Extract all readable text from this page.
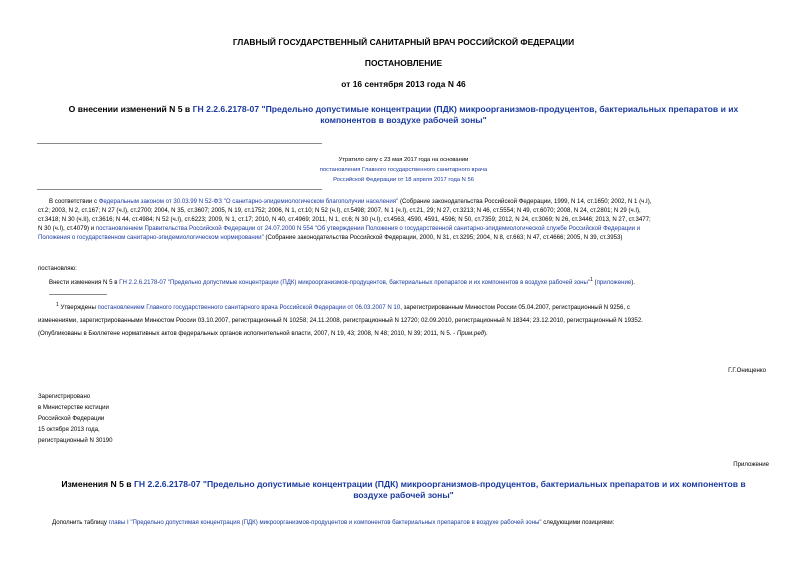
ГЛАВНЫЙ ГОСУДАРСТВЕННЫЙ САНИТАРНЫЙ ВРАЧ РОССИЙСКОЙ ФЕДЕРАЦИИ
ПОСТАНОВЛЕНИЕ
от 16 сентября 2013 года N 46
О внесении изменений N 5 в ГН 2.2.6.2178-07 "Предельно допустимые концентрации (ПДК) микроорганизмов-продуцентов, бактериальных препаратов и их
компонентов в воздухе рабочей зоны"
Утратило силу с 23 мая 2017 года на основании
постановления Главного государственного санитарного врача
Российской Федерации от 18 апреля 2017 года N 56
В соответствии с Федеральным законом от 30.03.99 N 52-ФЗ "О санитарно-эпидемиологическом благополучии населения" (Собрание законодательства Российской Федерации, 1999, N 14, ст.1650; 2002, N 1 (ч.I),
ст.2; 2003, N 2, ст.167; N 27 (ч.I), ст.2700; 2004, N 35, ст.3607; 2005, N 19, ст.1752; 2006, N 1, ст.10; N 52 (ч.I), ст.5498; 2007, N 1 (ч.I), ст.21, 29; N 27, ст.3213; N 46, ст.5554; N 49, ст.6070; 2008, N 24, ст.2801; N 29 (ч.I),
ст.3418; N 30 (ч.II), ст.3616; N 44, ст.4984; N 52 (ч.I), ст.6223; 2009, N 1, ст.17; 2010, N 40, ст.4969; 2011, N 1, ст.6; N 30 (ч.I), ст.4563, 4590, 4591, 4596; N 50, ст.7359; 2012, N 24, ст.3069; N 26, ст.3446; 2013, N 27, ст.3477;
N 30 (ч.I), ст.4079) и постановлением Правительства Российской Федерации от 24.07.2000 N 554 "Об утверждении Положения о государственной санитарно-эпидемиологической службе Российской Федерации и
Положения о государственном санитарно-эпидемиологическом нормировании" (Собрание законодательства Российской Федерации, 2000, N 31, ст.3295; 2004, N 8, ст.663; N 47, ст.4666; 2005, N 39, ст.3953)
постановляю:
Внести изменения N 5 в ГН 2.2.6.2178-07 "Предельно допустимые концентрации (ПДК) микроорганизмов-продуцентов, бактериальных препаратов и их компонентов в воздухе рабочей зоны"$^1$ (приложение).
$^1$ Утверждены постановлением Главного государственного санитарного врача Российской Федерации от 06.03.2007 N 10, зарегистрированным Минюстом России 05.04.2007, регистрационный N 9256, с
изменениями, зарегистрированными Минюстом России 03.10.2007, регистрационный N 10258; 24.11.2008, регистрационный N 12720; 02.09.2010, регистрационный N 18344; 23.12.2010, регистрационный N 19352.
(Опубликованы в Бюллетене нормативных актов федеральных органов исполнительной власти, 2007, N 19, 43; 2008, N 48; 2010, N 39; 2011, N 5. - Прим.ред).
Г.Г.Онищенко
Зарегистрировано
в Министерстве юстиции
Российской Федерации
15 октября 2013 года,
регистрационный N 30190
Приложение
Изменения N 5 в ГН 2.2.6.2178-07 "Предельно допустимые концентрации (ПДК) микроорганизмов-продуцентов, бактериальных препаратов и их компонентов в
воздухе рабочей зоны"
Дополнить таблицу главы I "Предельно допустимая концентрация (ПДК) микроорганизмов-продуцентов и компонентов бактериальных препаратов в воздухе рабочей зоны" следующими позициями:
